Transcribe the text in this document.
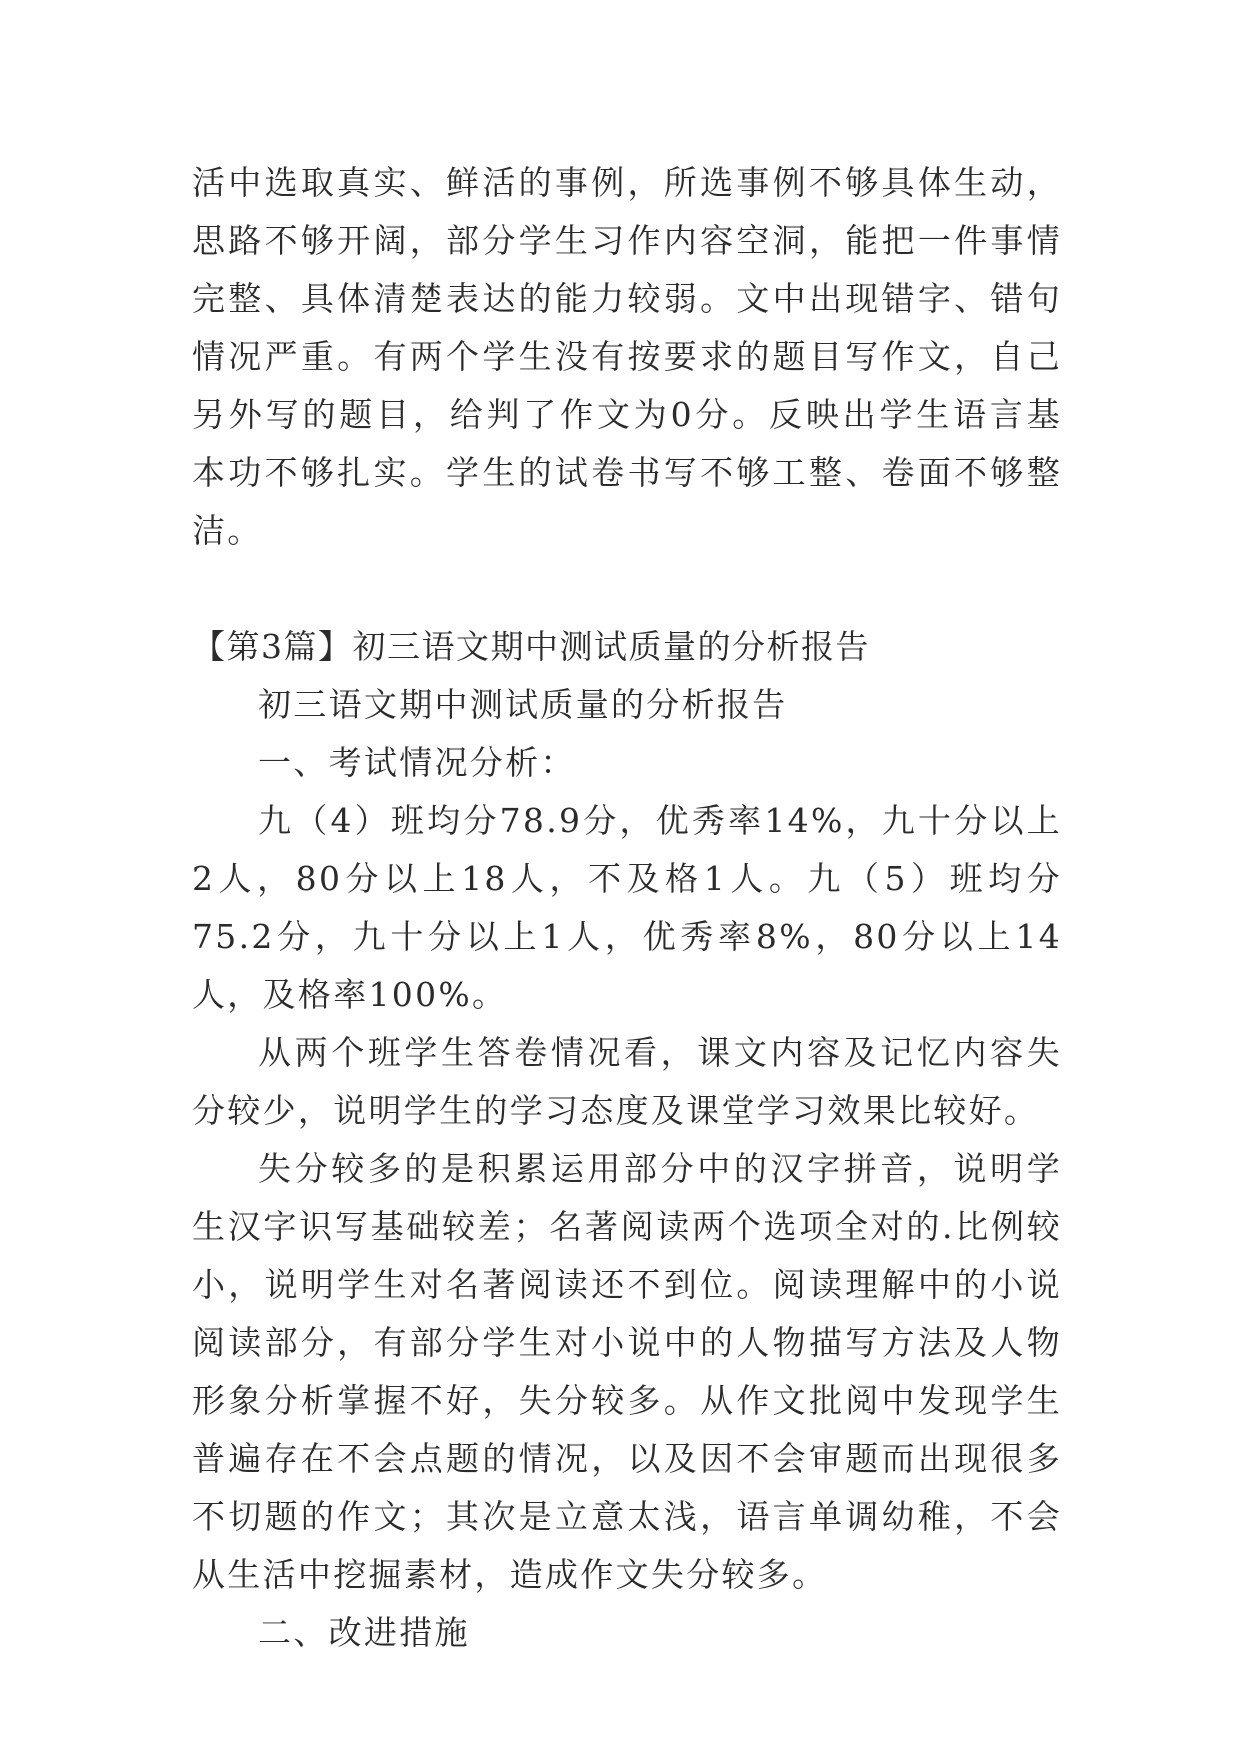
活中选取真实、鲜活的事例，所选事例不够具体生动，思路不够开阔，部分学生习作内容空洞，能把一件事情完整、具体清楚表达的能力较弱。文中出现错字、错句情况严重。有两个学生没有按要求的题目写作文，自己另外写的题目，给判了作文为0分。反映出学生语言基本功不够扎实。学生的试卷书写不够工整、卷面不够整洁。

【第3篇】初三语文期中测试质量的分析报告

初三语文期中测试质量的分析报告

一、考试情况分析：

九（4）班均分78.9分，优秀率14%，九十分以上2人，80分以上18人，不及格1人。九（5）班均分75.2分，九十分以上1人，优秀率8%，80分以上14人，及格率100%。

从两个班学生答卷情况看，课文内容及记忆内容失分较少，说明学生的学习态度及课堂学习效果比较好。

失分较多的是积累运用部分中的汉字拼音，说明学生汉字识写基础较差；名著阅读两个选项全对的.比例较小，说明学生对名著阅读还不到位。阅读理解中的小说阅读部分，有部分学生对小说中的人物描写方法及人物形象分析掌握不好，失分较多。从作文批阅中发现学生普遍存在不会点题的情况，以及因不会审题而出现很多不切题的作文；其次是立意太浅，语言单调幼稚，不会从生活中挖掘素材，造成作文失分较多。

二、改进措施
